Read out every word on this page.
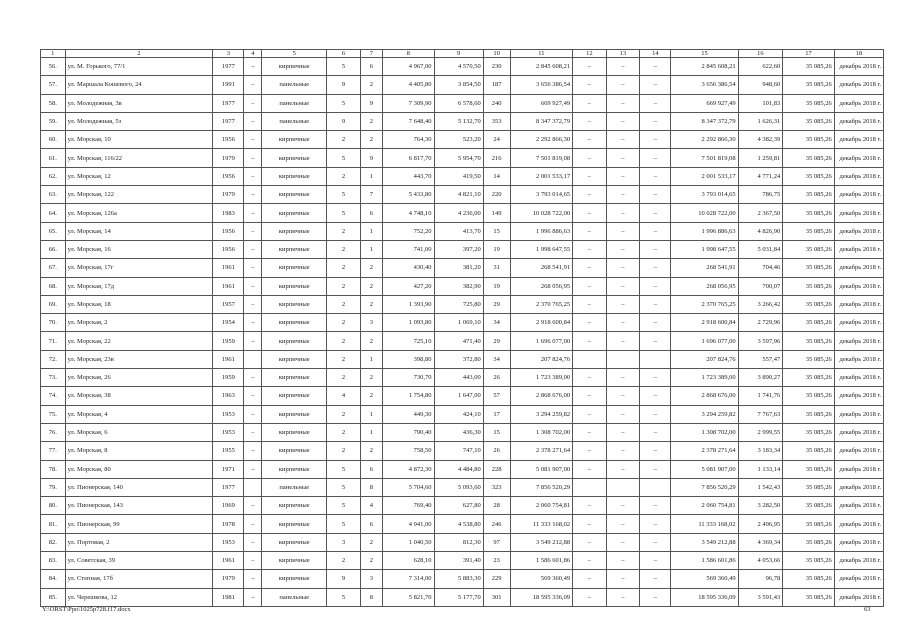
1	2	3	4	5	6	7	8	9	10	11	12	13	14	15	16	17	18
56.	ул. М. Горького, 77/1	1977	–	кирпичные	5	6	4 967,00	4 570,50	230	2 845 608,21	–	–	–	2 845 608,21	622,60	35 085,26	декабрь 2018 г.
57.	ул. Маршала Кошевого, 24	1991	–	панельные	9	2	4 405,80	3 854,50	187	3 656 386,54	–	–	–	3 656 386,54	948,60	35 085,26	декабрь 2018 г.
58.	ул. Молодежная, 3в	1977	–	панельные	5	9	7 309,90	6 578,60	240	669 927,49	–	–	–	669 927,49	101,83	35 085,26	декабрь 2018 г.
59.	ул. Молодежная, 5з	1977	–	панельные	9	2	7 648,40	5 132,70	353	8 347 372,79	–	–	–	8 347 372,79	1 626,31	35 085,26	декабрь 2018 г.
60.	ул. Морская, 10	1956	–	кирпичные	2	2	764,30	523,20	24	2 292 866,30	–	–	–	2 292 866,30	4 382,39	35 085,26	декабрь 2018 г.
61.	ул. Морская, 116/22	1979	–	кирпичные	5	9	6 817,70	5 954,70	216	7 501 819,08	–	–	–	7 501 819,08	1 259,81	35 085,26	декабрь 2018 г.
62.	ул. Морская, 12	1956	–	кирпичные	2	1	443,70	419,50	14	2 001 533,17	–	–	–	2 001 533,17	4 771,24	35 085,26	декабрь 2018 г.
63.	ул. Морская, 122	1979	–	кирпичные	5	7	5 433,80	4 821,10	220	3 793 014,65	–	–	–	3 793 014,65	786,75	35 085,26	декабрь 2018 г.
64.	ул. Морская, 126а	1983	–	кирпичные	5	6	4 748,10	4 236,00	149	10 028 722,00	–	–	–	10 028 722,00	2 367,50	35 085,26	декабрь 2018 г.
65.	ул. Морская, 14	1956	–	кирпичные	2	1	752,20	413,70	15	1 996 886,63	–	–	–	1 996 886,63	4 826,90	35 085,26	декабрь 2018 г.
66.	ул. Морская, 16	1956	–	кирпичные	2	1	741,00	397,20	19	1 998 647,55	–	–	–	1 998 647,55	5 031,84	35 085,26	декабрь 2018 г.
67.	ул. Морская, 17г	1961	–	кирпичные	2	2	430,40	381,20	31	268 541,91	–	–	–	268 541,91	704,46	35 085,26	декабрь 2018 г.
68.	ул. Морская, 17д	1961	–	кирпичные	2	2	427,20	382,90	19	268 056,95	–	–	–	268 056,95	700,07	35 085,26	декабрь 2018 г.
69.	ул. Морская, 18	1957	–	кирпичные	2	2	1 393,90	725,80	29	2 370 765,25	–	–	–	2 370 765,25	3 266,42	35 085,26	декабрь 2018 г.
70.	ул. Морская, 2	1954	–	кирпичные	2	3	1 093,80	1 069,10	34	2 918 600,84	–	–	–	2 918 600,84	2 729,96	35 085,26	декабрь 2018 г.
71.	ул. Морская, 22	1959	–	кирпичные	2	2	725,10	471,40	29	1 696 077,00	–	–	–	1 696 077,00	3 597,96	35 085,26	декабрь 2018 г.
72.	ул. Морская, 23в	1961		кирпичные	2	1	398,80	372,80	34	207 824,76				207 824,76	557,47	35 085,26	декабрь 2018 г.
73.	ул. Морская, 26	1959	–	кирпичные	2	2	730,70	443,00	26	1 723 389,00	–	–	–	1 723 389,00	3 890,27	35 085,26	декабрь 2018 г.
74.	ул. Морская, 38	1963	–	кирпичные	4	2	1 754,80	1 647,00	57	2 868 676,00	–	–	–	2 868 676,00	1 741,76	35 085,26	декабрь 2018 г.
75.	ул. Морская, 4	1953	–	кирпичные	2	1	449,30	424,10	17	3 294 259,82	–	–	–	3 294 259,82	7 767,63	35 085,26	декабрь 2018 г.
76.	ул. Морская, 6	1953	–	кирпичные	2	1	790,40	436,30	15	1 308 702,00	–	–	–	1 308 702,00	2 999,55	35 085,26	декабрь 2018 г.
77.	ул. Морская, 8	1955	–	кирпичные	2	2	758,50	747,10	26	2 378 271,64	–	–	–	2 378 271,64	3 183,34	35 085,26	декабрь 2018 г.
78.	ул. Морская, 80	1971	–	кирпичные	5	6	4 872,30	4 484,80	228	5 081 907,00	–	–	–	5 081 907,00	1 133,14	35 085,26	декабрь 2018 г.
79.	ул. Пионерская, 140	1977		панельные	5	8	5 704,60	5 093,60	323	7 856 520,29				7 856 520,29	1 542,43	35 085,26	декабрь 2018 г.
80.	ул. Пионерская, 143	1969	–	кирпичные	5	4	769,40	627,80	28	2 060 754,81	–	–	–	2 060 754,81	3 282,50	35 085,26	декабрь 2018 г.
81.	ул. Пионерская, 99	1978	–	кирпичные	5	6	4 941,00	4 538,80	246	11 333 168,02	–	–	–	11 333 168,02	2 496,95	35 085,26	декабрь 2018 г.
82.	ул. Портовая, 2	1953	–	кирпичные	3	2	1 040,50	812,30	97	3 549 212,88	–	–	–	3 549 212,88	4 369,34	35 085,26	декабрь 2018 г.
83.	ул. Советская, 39	1961	–	кирпичные	2	2	628,10	391,40	23	1 586 601,86	–	–	–	1 586 601,86	4 053,66	35 085,26	декабрь 2018 г.
84.	ул. Степная, 17б	1979	–	кирпичные	9	3	7 314,00	5 883,30	229	569 360,49	–	–	–	569 360,49	96,78	35 085,26	декабрь 2018 г.
85.	ул. Черешкова, 12	1981	–	панельные	5	8	5 821,70	5 177,70	301	18 595 336,09	–	–	–	18 595 336,09	3 591,43	35 085,26	декабрь 2018 г.
Y:\ORST\Ppo\1025p728.f17.docx	63
